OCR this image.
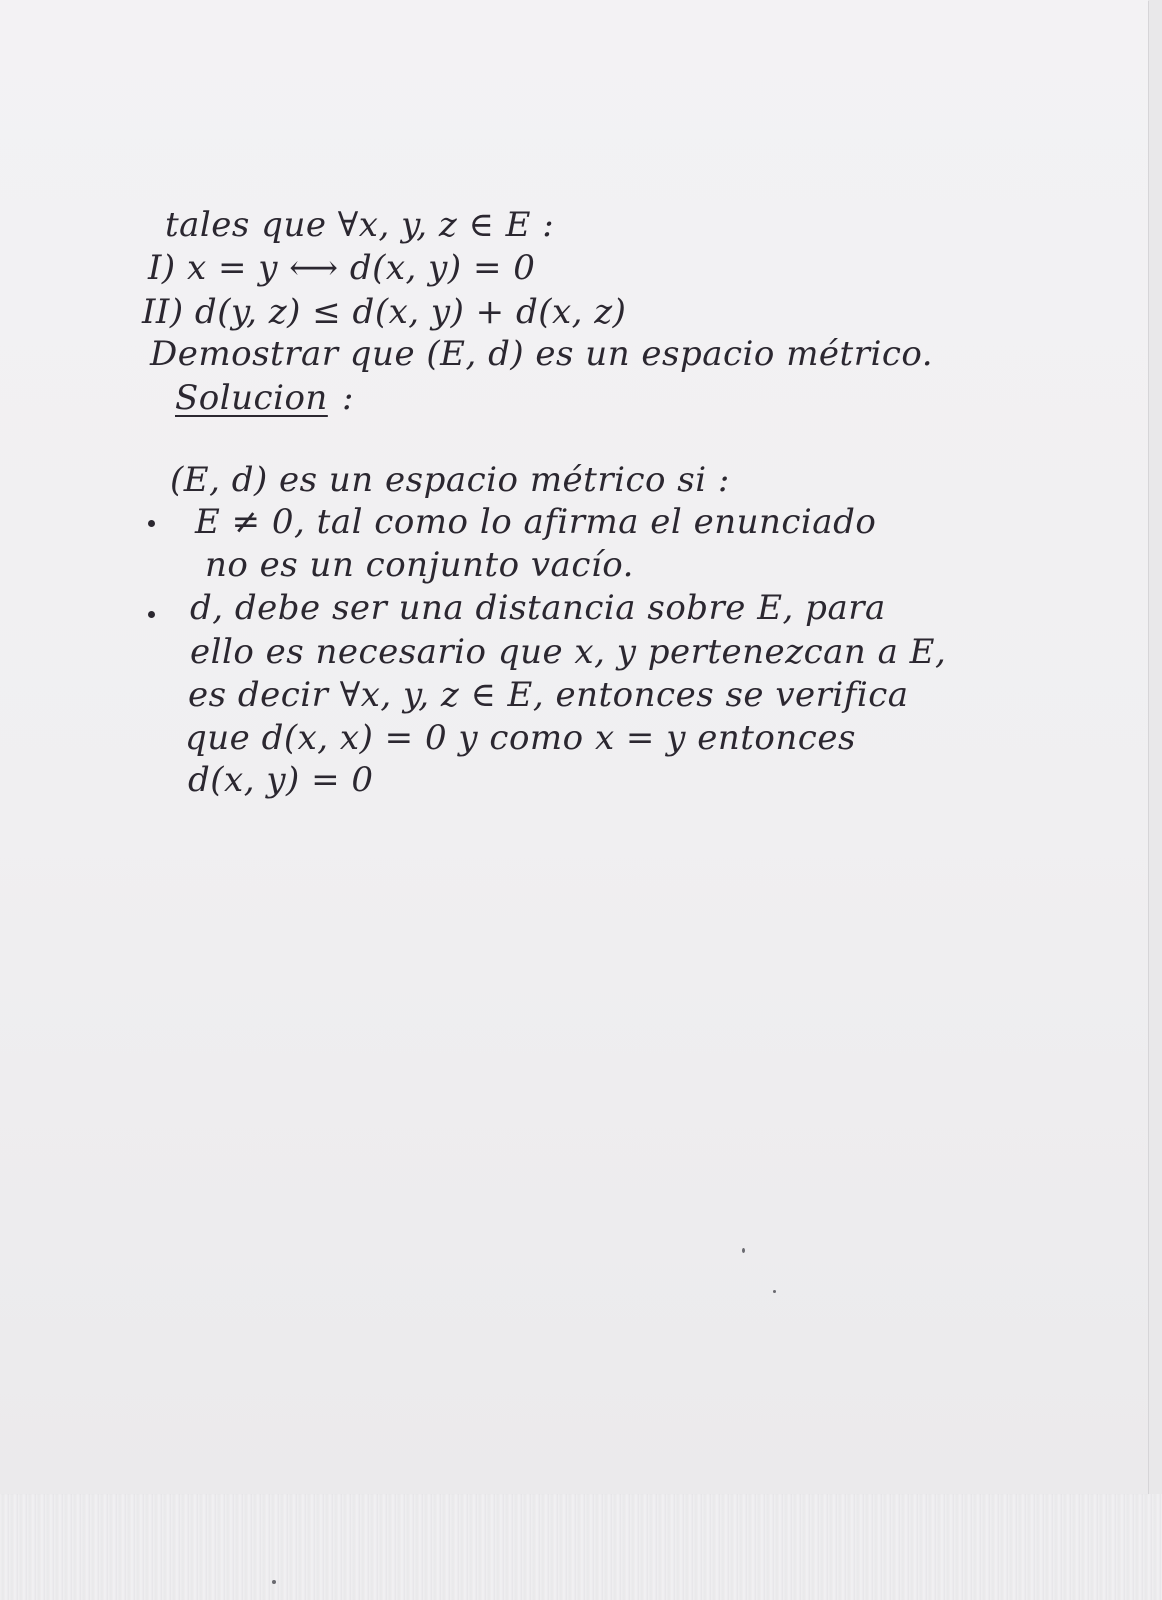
tales que ∀x, y, z ∈ E :
I) x = y ⟷ d(x, y) = 0
II) d(y, z) ≤ d(x, y) + d(x, z)
Demostrar que (E, d) es un espacio métrico.
Solucion :
(E, d) es un espacio métrico si :
E ≠ 0, tal como lo afirma el enunciado
no es un conjunto vacío.
d, debe ser una distancia sobre E, para
ello es necesario que x, y pertenezcan a E,
es decir ∀x, y, z ∈ E, entonces se verifica
que d(x, x) = 0 y como x = y entonces
d(x, y) = 0
